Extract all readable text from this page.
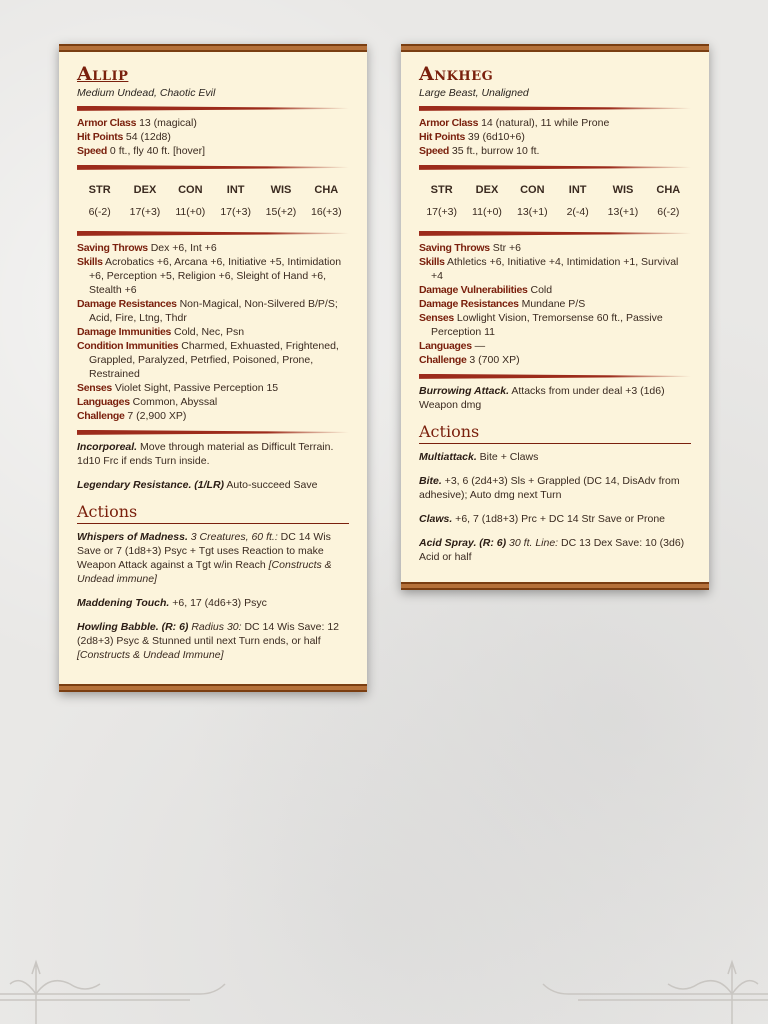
Allip
Medium Undead, Chaotic Evil
Armor Class 13 (magical)
Hit Points 54 (12d8)
Speed 0 ft., fly 40 ft. [hover]
STR	DEX	CON	INT	WIS	CHA
6(-2)	17(+3)	11(+0)	17(+3)	15(+2)	16(+3)
Saving Throws Dex +6, Int +6
Skills Acrobatics +6, Arcana +6, Initiative +5, Intimidation +6, Perception +5, Religion +6, Sleight of Hand +6, Stealth +6
Damage Resistances Non-Magical, Non-Silvered B/P/S; Acid, Fire, Ltng, Thdr
Damage Immunities Cold, Nec, Psn
Condition Immunities Charmed, Exhuasted, Frightened, Grappled, Paralyzed, Petrfied, Poisoned, Prone, Restrained
Senses Violet Sight, Passive Perception 15
Languages Common, Abyssal
Challenge 7 (2,900 XP)
Incorporeal. Move through material as Difficult Terrain. 1d10 Frc if ends Turn inside.
Legendary Resistance. (1/LR) Auto-succeed Save
Actions
Whispers of Madness. 3 Creatures, 60 ft.: DC 14 Wis Save or 7 (1d8+3) Psyc + Tgt uses Reaction to make Weapon Attack against a Tgt w/in Reach [Constructs & Undead immune]
Maddening Touch. +6, 17 (4d6+3) Psyc
Howling Babble. (R: 6) Radius 30: DC 14 Wis Save: 12 (2d8+3) Psyc & Stunned until next Turn ends, or half [Constructs & Undead Immune]
Ankheg
Large Beast, Unaligned
Armor Class 14 (natural), 11 while Prone
Hit Points 39 (6d10+6)
Speed 35 ft., burrow 10 ft.
STR	DEX	CON	INT	WIS	CHA
17(+3)	11(+0)	13(+1)	2(-4)	13(+1)	6(-2)
Saving Throws Str +6
Skills Athletics +6, Initiative +4, Intimidation +1, Survival +4
Damage Vulnerabilities Cold
Damage Resistances Mundane P/S
Senses Lowlight Vision, Tremorsense 60 ft., Passive Perception 11
Languages —
Challenge 3 (700 XP)
Burrowing Attack. Attacks from under deal +3 (1d6) Weapon dmg
Actions
Multiattack. Bite + Claws
Bite. +3, 6 (2d4+3) Sls + Grappled (DC 14, DisAdv from adhesive); Auto dmg next Turn
Claws. +6, 7 (1d8+3) Prc + DC 14 Str Save or Prone
Acid Spray. (R: 6) 30 ft. Line: DC 13 Dex Save: 10 (3d6) Acid or half
